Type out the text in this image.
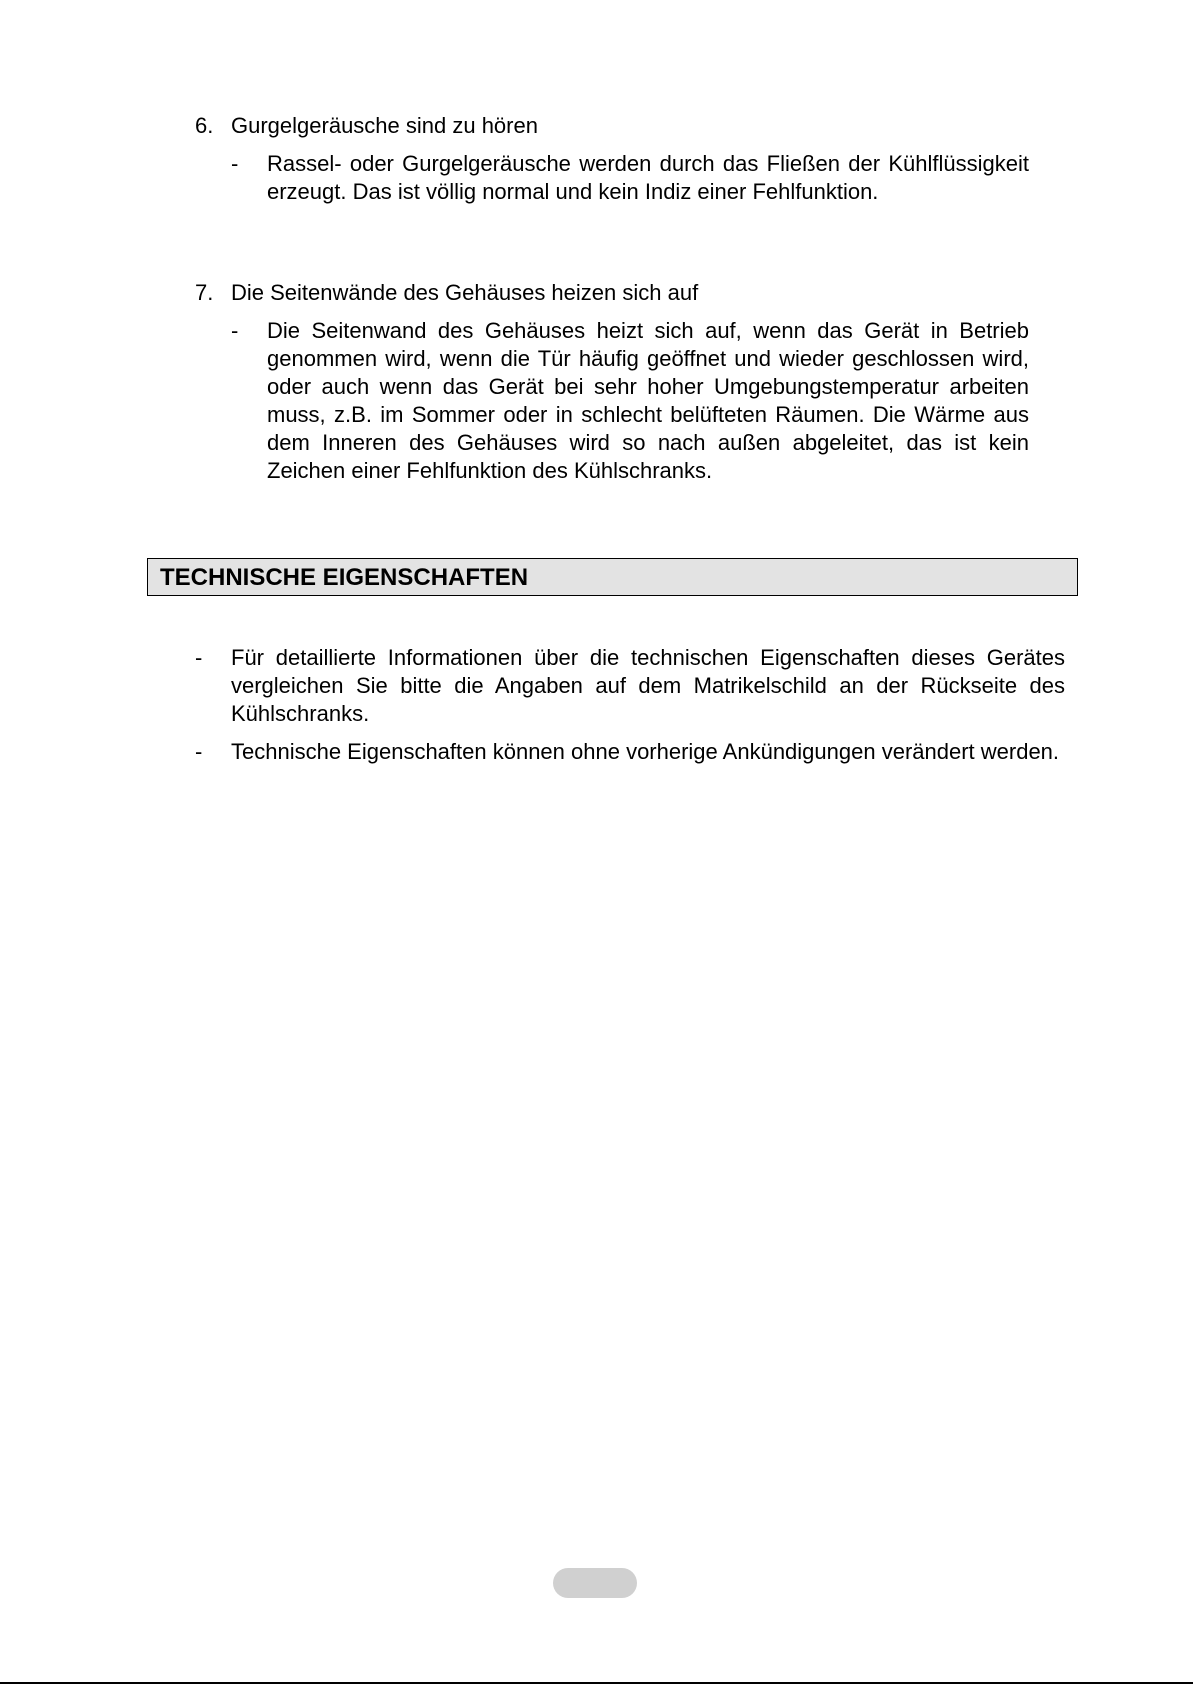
6. Gurgelgeräusche sind zu hören
- Rassel- oder Gurgelgeräusche werden durch das Fließen der Kühlflüssigkeit erzeugt. Das ist völlig normal und kein Indiz einer Fehlfunktion.
7. Die Seitenwände des Gehäuses heizen sich auf
- Die Seitenwand des Gehäuses heizt sich auf, wenn das Gerät in Betrieb genommen wird, wenn die Tür häufig geöffnet und wieder geschlossen wird, oder auch wenn das Gerät bei sehr hoher Umgebungstemperatur arbeiten muss, z.B. im Sommer oder in schlecht belüfteten Räumen. Die Wärme aus dem Inneren des Gehäuses wird so nach außen abgeleitet, das ist kein Zeichen einer Fehlfunktion des Kühlschranks.
TECHNISCHE EIGENSCHAFTEN
- Für detaillierte Informationen über die technischen Eigenschaften dieses Gerätes vergleichen Sie bitte die Angaben auf dem Matrikelschild an der Rückseite des Kühlschranks.
- Technische Eigenschaften können ohne vorherige Ankündigungen verändert werden.
